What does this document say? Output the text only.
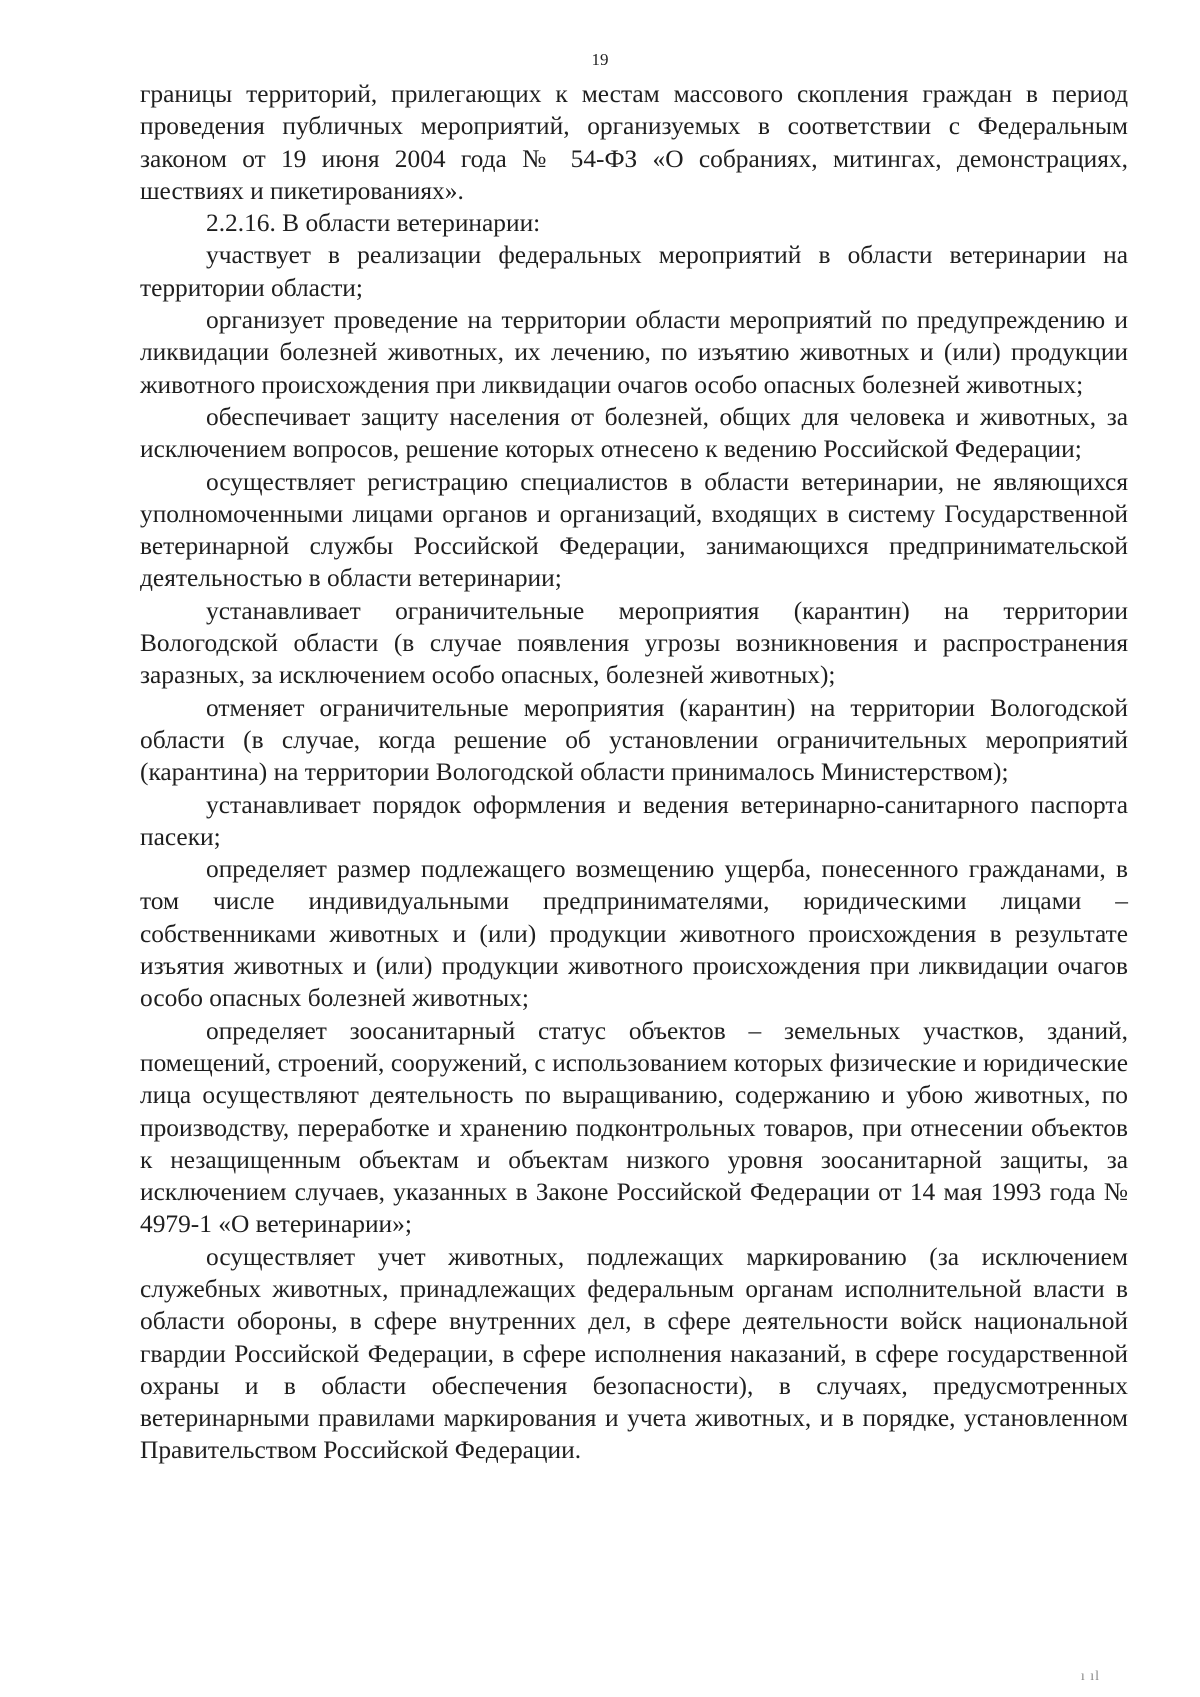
19

границы территорий, прилегающих к местам массового скопления граждан в период проведения публичных мероприятий, организуемых в соответствии с Федеральным законом от 19 июня 2004 года № 54-ФЗ «О собраниях, митингах, демонстрациях, шествиях и пикетированиях».

2.2.16. В области ветеринарии:

участвует в реализации федеральных мероприятий в области ветеринарии на территории области;

организует проведение на территории области мероприятий по предупреждению и ликвидации болезней животных, их лечению, по изъятию животных и (или) продукции животного происхождения при ликвидации очагов особо опасных болезней животных;

обеспечивает защиту населения от болезней, общих для человека и животных, за исключением вопросов, решение которых отнесено к ведению Российской Федерации;

осуществляет регистрацию специалистов в области ветеринарии, не являющихся уполномоченными лицами органов и организаций, входящих в систему Государственной ветеринарной службы Российской Федерации, занимающихся предпринимательской деятельностью в области ветеринарии;

устанавливает ограничительные мероприятия (карантин) на территории Вологодской области (в случае появления угрозы возникновения и распространения заразных, за исключением особо опасных, болезней животных);

отменяет ограничительные мероприятия (карантин) на территории Вологодской области (в случае, когда решение об установлении ограничительных мероприятий (карантина) на территории Вологодской области принималось Министерством);

устанавливает порядок оформления и ведения ветеринарно-санитарного паспорта пасеки;

определяет размер подлежащего возмещению ущерба, понесенного гражданами, в том числе индивидуальными предпринимателями, юридическими лицами – собственниками животных и (или) продукции животного происхождения в результате изъятия животных и (или) продукции животного происхождения при ликвидации очагов особо опасных болезней животных;

определяет зоосанитарный статус объектов – земельных участков, зданий, помещений, строений, сооружений, с использованием которых физические и юридические лица осуществляют деятельность по выращиванию, содержанию и убою животных, по производству, переработке и хранению подконтрольных товаров, при отнесении объектов к незащищенным объектам и объектам низкого уровня зоосанитарной защиты, за исключением случаев, указанных в Законе Российской Федерации от 14 мая 1993 года № 4979-1 «О ветеринарии»;

осуществляет учет животных, подлежащих маркированию (за исключением служебных животных, принадлежащих федеральным органам исполнительной власти в области обороны, в сфере внутренних дел, в сфере деятельности войск национальной гвардии Российской Федерации, в сфере исполнения наказаний, в сфере государственной охраны и в области обеспечения безопасности), в случаях, предусмотренных ветеринарными правилами маркирования и учета животных, и в порядке, установленном Правительством Российской Федерации.

ı ıl
